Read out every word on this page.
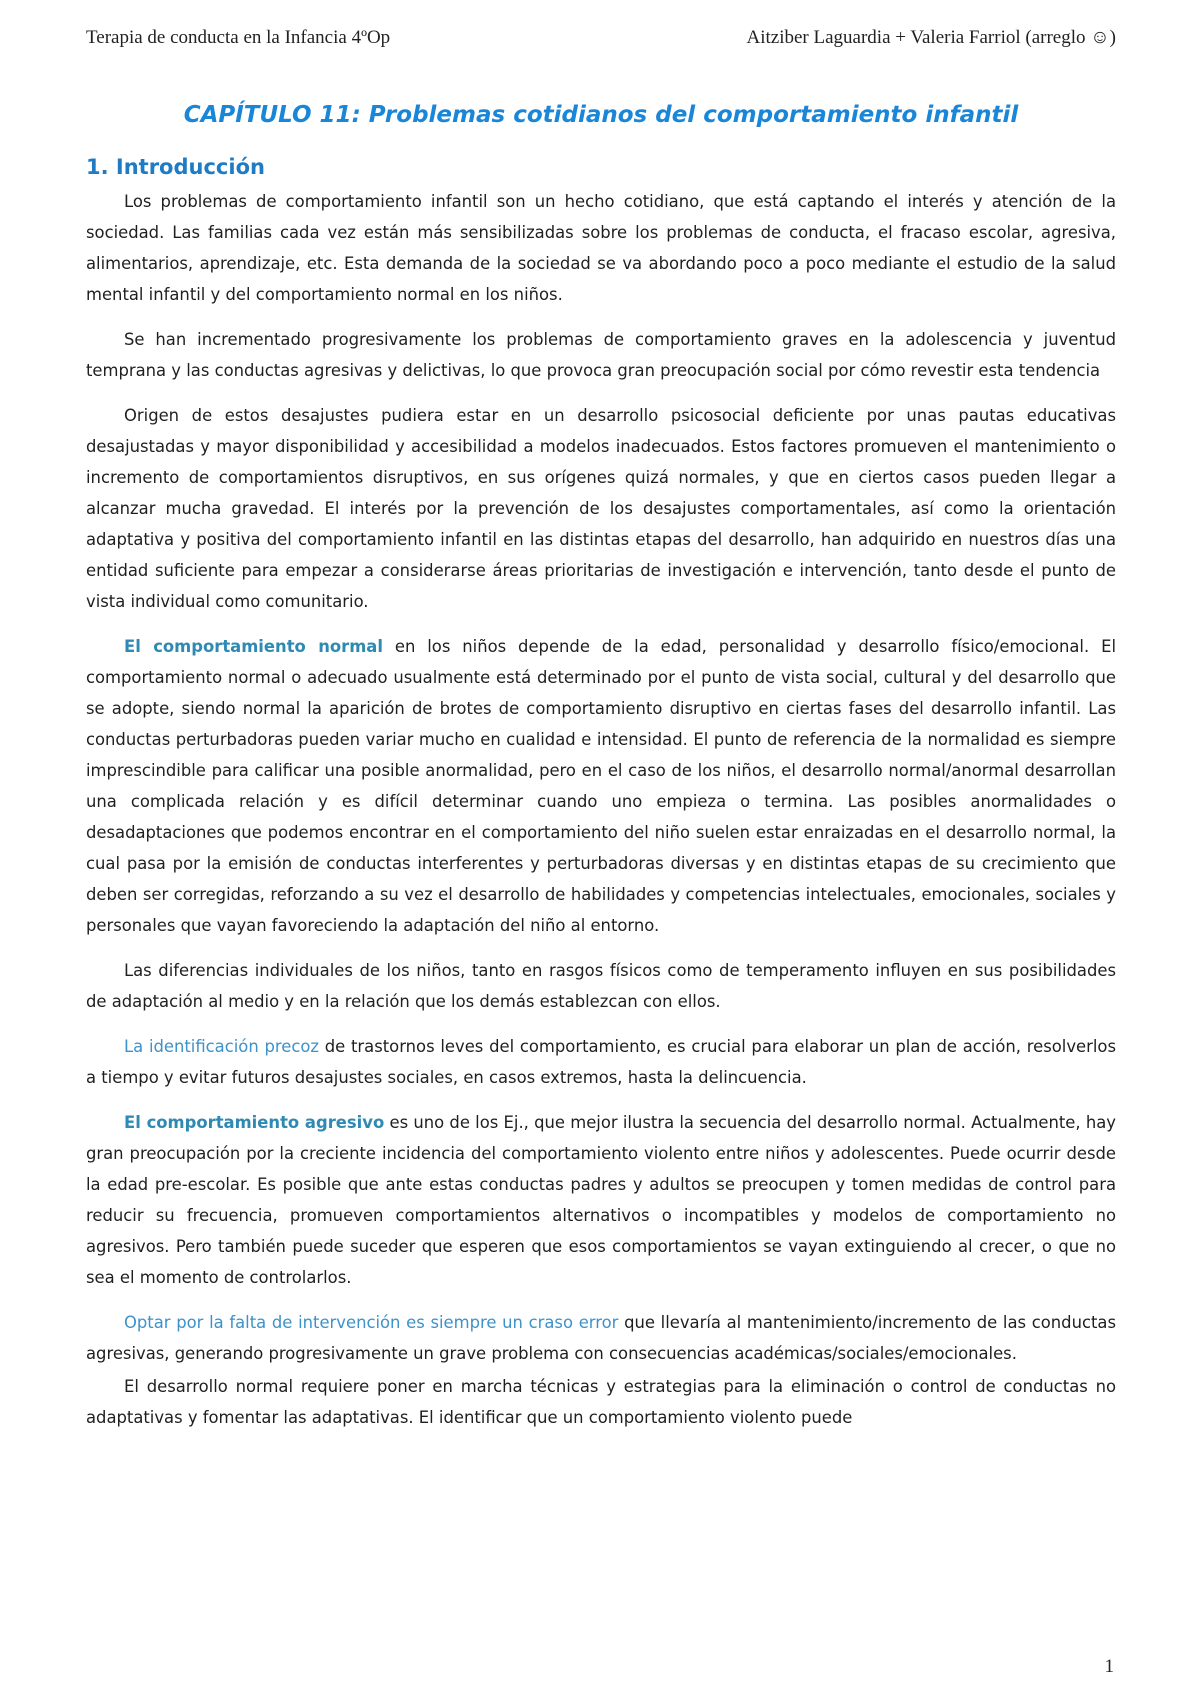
Terapia de conducta en la Infancia 4ºOp	Aitziber Laguardia + Valeria Farriol (arreglo ☺)
CAPÍTULO 11: Problemas cotidianos del comportamiento infantil
1. Introducción

Los problemas de comportamiento infantil son un hecho cotidiano, que está captando el interés y atención de la sociedad. Las familias cada vez están más sensibilizadas sobre los problemas de conducta, el fracaso escolar, agresiva, alimentarios, aprendizaje, etc. Esta demanda de la sociedad se va abordando poco a poco mediante el estudio de la salud mental infantil y del comportamiento normal en los niños.

Se han incrementado progresivamente los problemas de comportamiento graves en la adolescencia y juventud temprana y las conductas agresivas y delictivas, lo que provoca gran preocupación social por cómo revestir esta tendencia

Origen de estos desajustes pudiera estar en un desarrollo psicosocial deficiente por unas pautas educativas desajustadas y mayor disponibilidad y accesibilidad a modelos inadecuados. Estos factores promueven el mantenimiento o incremento de comportamientos disruptivos, en sus orígenes quizá normales, y que en ciertos casos pueden llegar a alcanzar mucha gravedad. El interés por la prevención de los desajustes comportamentales, así como la orientación adaptativa y positiva del comportamiento infantil en las distintas etapas del desarrollo, han adquirido en nuestros días una entidad suficiente para empezar a considerarse áreas prioritarias de investigación e intervención, tanto desde el punto de vista individual como comunitario.

El comportamiento normal en los niños depende de la edad, personalidad y desarrollo físico/emocional. El comportamiento normal o adecuado usualmente está determinado por el punto de vista social, cultural y del desarrollo que se adopte, siendo normal la aparición de brotes de comportamiento disruptivo en ciertas fases del desarrollo infantil. Las conductas perturbadoras pueden variar mucho en cualidad e intensidad. El punto de referencia de la normalidad es siempre imprescindible para calificar una posible anormalidad, pero en el caso de los niños, el desarrollo normal/anormal desarrollan una complicada relación y es difícil determinar cuando uno empieza o termina. Las posibles anormalidades o desadaptaciones que podemos encontrar en el comportamiento del niño suelen estar enraizadas en el desarrollo normal, la cual pasa por la emisión de conductas interferentes y perturbadoras diversas y en distintas etapas de su crecimiento que deben ser corregidas, reforzando a su vez el desarrollo de habilidades y competencias intelectuales, emocionales, sociales y personales que vayan favoreciendo la adaptación del niño al entorno.

Las diferencias individuales de los niños, tanto en rasgos físicos como de temperamento influyen en sus posibilidades de adaptación al medio y en la relación que los demás establezcan con ellos.

La identificación precoz de trastornos leves del comportamiento, es crucial para elaborar un plan de acción, resolverlos a tiempo y evitar futuros desajustes sociales, en casos extremos, hasta la delincuencia.

El comportamiento agresivo es uno de los Ej., que mejor ilustra la secuencia del desarrollo normal. Actualmente, hay gran preocupación por la creciente incidencia del comportamiento violento entre niños y adolescentes. Puede ocurrir desde la edad pre-escolar. Es posible que ante estas conductas padres y adultos se preocupen y tomen medidas de control para reducir su frecuencia, promueven comportamientos alternativos o incompatibles y modelos de comportamiento no agresivos. Pero también puede suceder que esperen que esos comportamientos se vayan extinguiendo al crecer, o que no sea el momento de controlarlos.

Optar por la falta de intervención es siempre un craso error que llevaría al mantenimiento/incremento de las conductas agresivas, generando progresivamente un grave problema con consecuencias académicas/sociales/emocionales.

El desarrollo normal requiere poner en marcha técnicas y estrategias para la eliminación o control de conductas no adaptativas y fomentar las adaptativas. El identificar que un comportamiento violento puede

1
